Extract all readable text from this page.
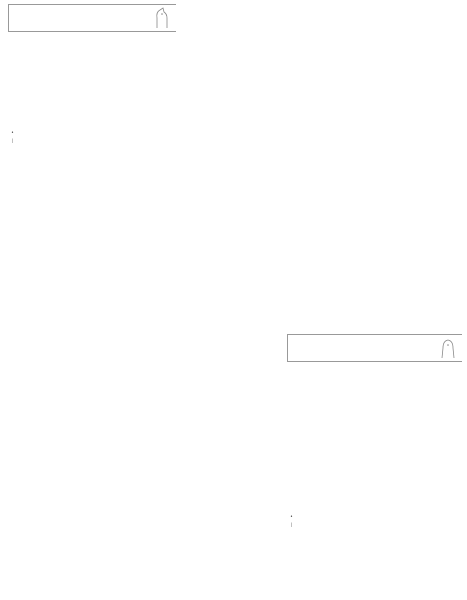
•
|

•
|
